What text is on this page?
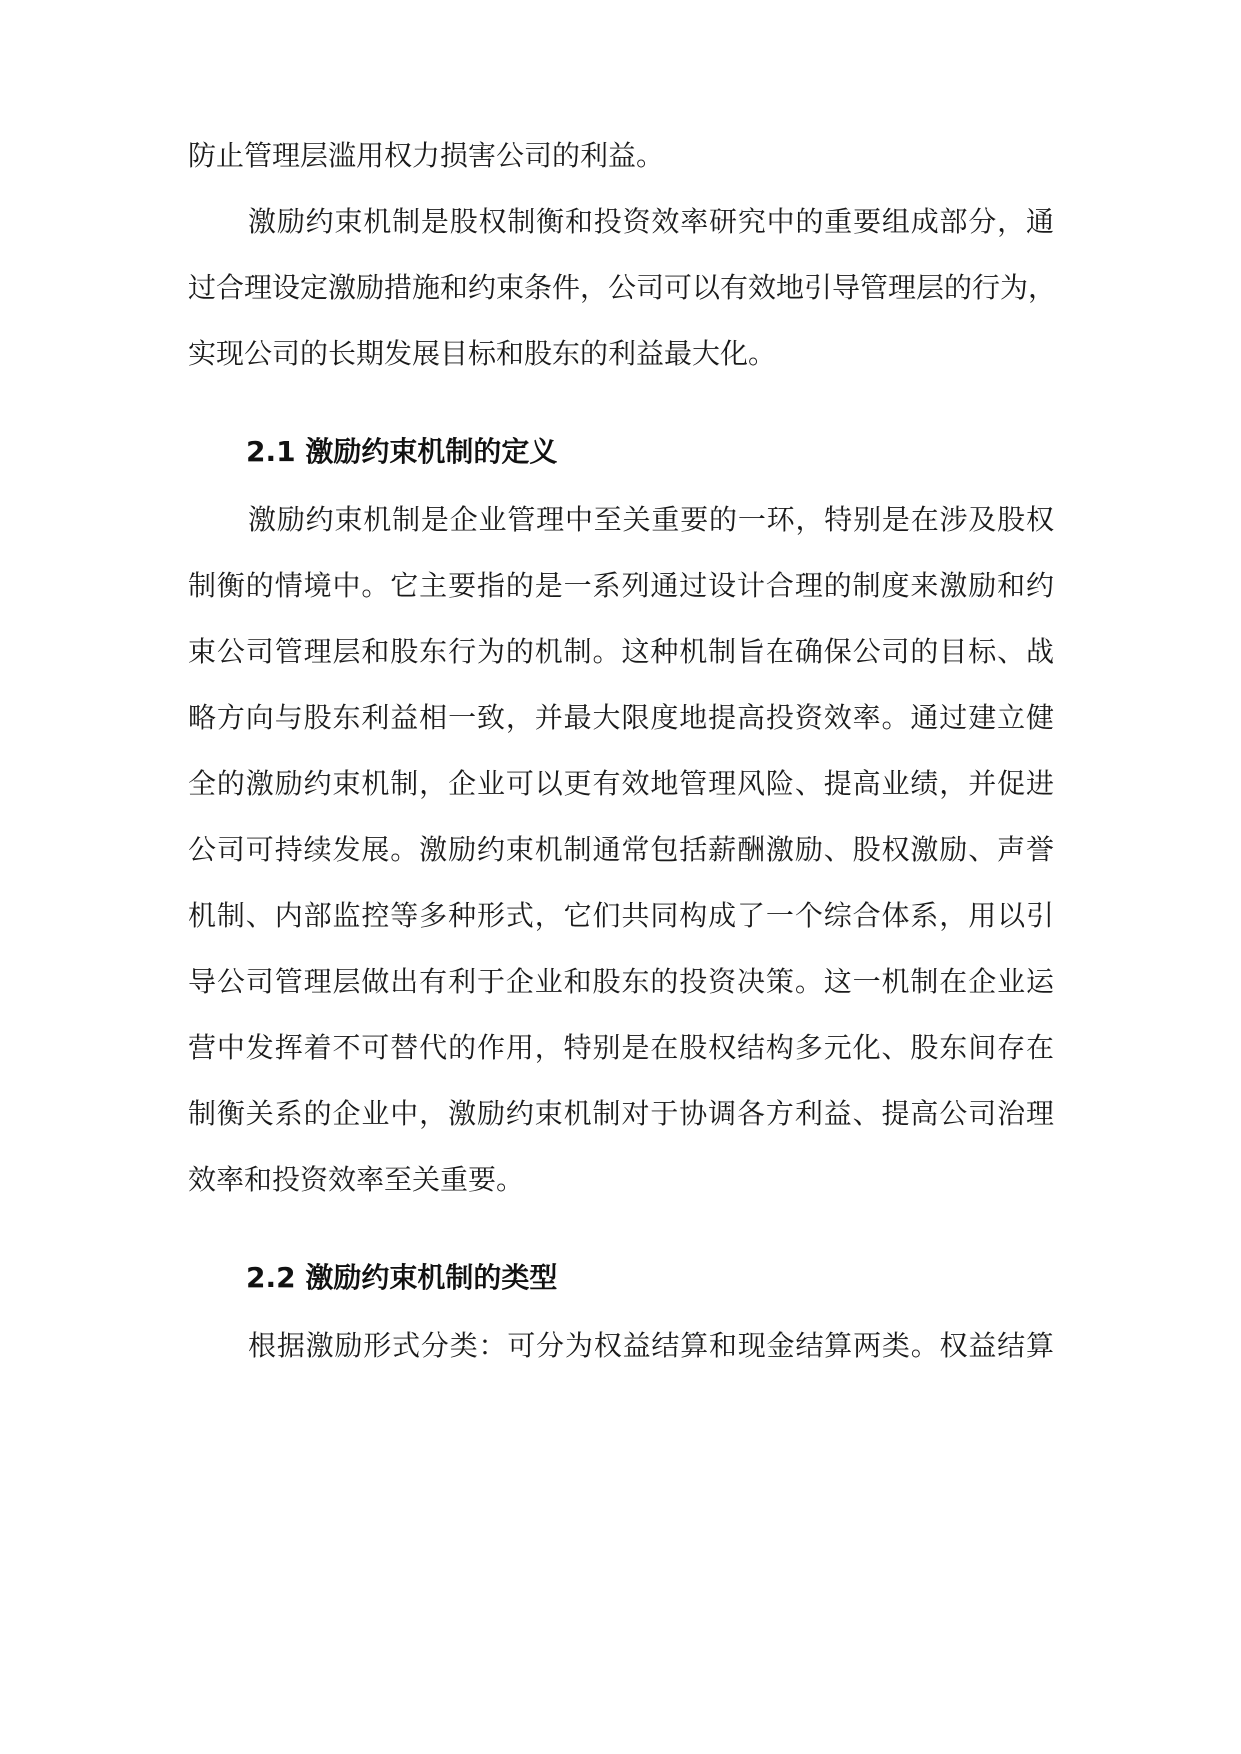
防止管理层滥用权力损害公司的利益。
激励约束机制是股权制衡和投资效率研究中的重要组成部分，通
过合理设定激励措施和约束条件，公司可以有效地引导管理层的行为，
实现公司的长期发展目标和股东的利益最大化。
2.1 激励约束机制的定义
激励约束机制是企业管理中至关重要的一环，特别是在涉及股权
制衡的情境中。它主要指的是一系列通过设计合理的制度来激励和约
束公司管理层和股东行为的机制。这种机制旨在确保公司的目标、战
略方向与股东利益相一致，并最大限度地提高投资效率。通过建立健
全的激励约束机制，企业可以更有效地管理风险、提高业绩，并促进
公司可持续发展。激励约束机制通常包括薪酬激励、股权激励、声誉
机制、内部监控等多种形式，它们共同构成了一个综合体系，用以引
导公司管理层做出有利于企业和股东的投资决策。这一机制在企业运
营中发挥着不可替代的作用，特别是在股权结构多元化、股东间存在
制衡关系的企业中，激励约束机制对于协调各方利益、提高公司治理
效率和投资效率至关重要。
2.2 激励约束机制的类型
根据激励形式分类：可分为权益结算和现金结算两类。权益结算
